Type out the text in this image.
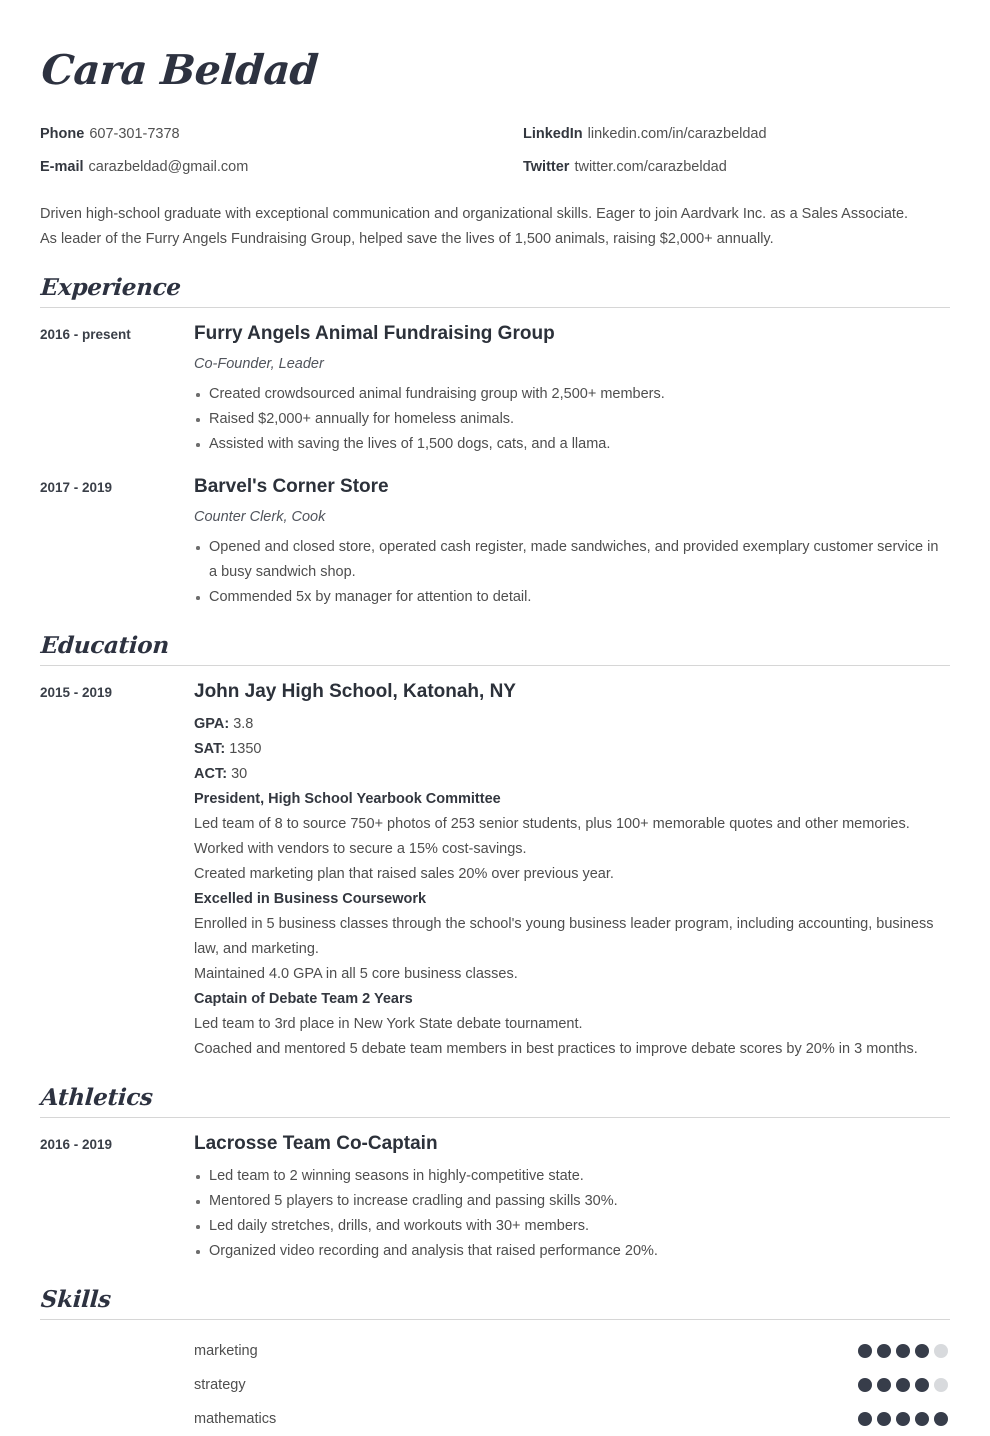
Cara Beldad
Phone 607-301-7378
E-mail carazbeldad@gmail.com
LinkedIn linkedin.com/in/carazbeldad
Twitter twitter.com/carazbeldad

Driven high-school graduate with exceptional communication and organizational skills. Eager to join Aardvark Inc. as a Sales Associate.

As leader of the Furry Angels Fundraising Group, helped save the lives of 1,500 animals, raising $2,000+ annually.

Experience
2016 - present	Furry Angels Animal Fundraising Group
Co-Founder, Leader
Created crowdsourced animal fundraising group with 2,500+ members.
Raised $2,000+ annually for homeless animals.
Assisted with saving the lives of 1,500 dogs, cats, and a llama.
2017 - 2019	Barvel's Corner Store
Counter Clerk, Cook
Opened and closed store, operated cash register, made sandwiches, and provided exemplary customer service in a busy sandwich shop.
Commended 5x by manager for attention to detail.
Education
2015 - 2019	John Jay High School, Katonah, NY
GPA: 3.8
SAT: 1350
ACT: 30
President, High School Yearbook Committee
Led team of 8 to source 750+ photos of 253 senior students, plus 100+ memorable quotes and other memories.
Worked with vendors to secure a 15% cost-savings.
Created marketing plan that raised sales 20% over previous year.
Excelled in Business Coursework
Enrolled in 5 business classes through the school's young business leader program, including accounting, business law, and marketing.
Maintained 4.0 GPA in all 5 core business classes.
Captain of Debate Team 2 Years
Led team to 3rd place in New York State debate tournament.
Coached and mentored 5 debate team members in best practices to improve debate scores by 20% in 3 months.
Athletics
2016 - 2019	Lacrosse Team Co-Captain
Led team to 2 winning seasons in highly-competitive state.
Mentored 5 players to increase cradling and passing skills 30%.
Led daily stretches, drills, and workouts with 30+ members.
Organized video recording and analysis that raised performance 20%.
Skills
marketing
strategy
mathematics
